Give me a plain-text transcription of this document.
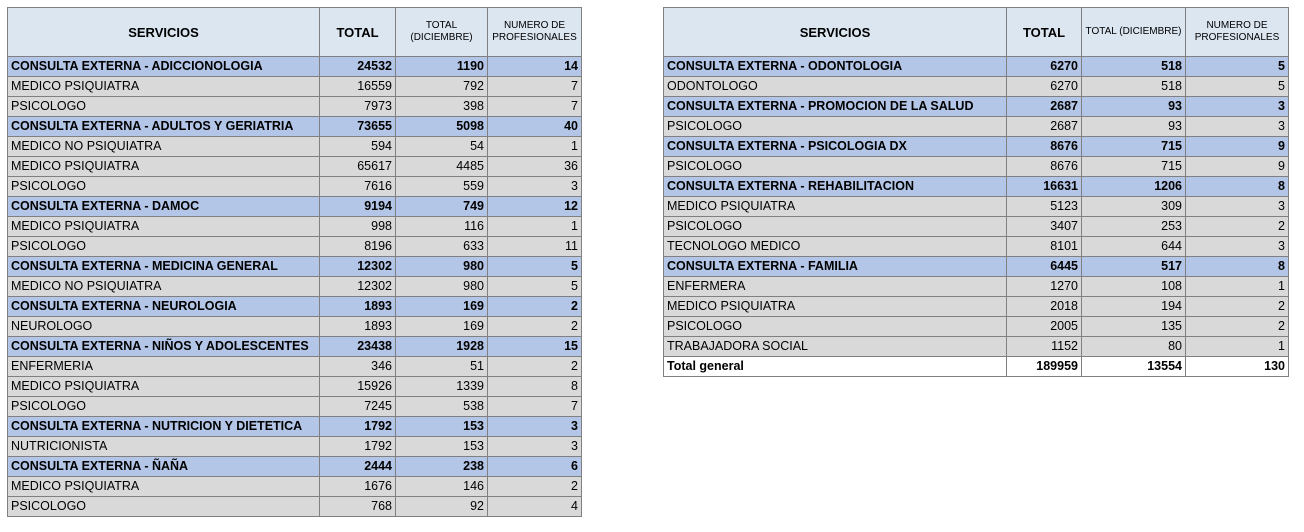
SERVICIOS	TOTAL	TOTAL (DICIEMBRE)	NUMERO DE PROFESIONALES
CONSULTA EXTERNA - ADICCIONOLOGIA	24532	1190	14
MEDICO PSIQUIATRA	16559	792	7
PSICOLOGO	7973	398	7
CONSULTA EXTERNA - ADULTOS Y GERIATRIA	73655	5098	40
MEDICO NO PSIQUIATRA	594	54	1
MEDICO PSIQUIATRA	65617	4485	36
PSICOLOGO	7616	559	3
CONSULTA EXTERNA - DAMOC	9194	749	12
MEDICO PSIQUIATRA	998	116	1
PSICOLOGO	8196	633	11
CONSULTA EXTERNA - MEDICINA GENERAL	12302	980	5
MEDICO NO PSIQUIATRA	12302	980	5
CONSULTA EXTERNA - NEUROLOGIA	1893	169	2
NEUROLOGO	1893	169	2
CONSULTA EXTERNA - NIÑOS Y ADOLESCENTES	23438	1928	15
ENFERMERIA	346	51	2
MEDICO PSIQUIATRA	15926	1339	8
PSICOLOGO	7245	538	7
CONSULTA EXTERNA - NUTRICION Y DIETETICA	1792	153	3
NUTRICIONISTA	1792	153	3
CONSULTA EXTERNA - ÑAÑA	2444	238	6
MEDICO PSIQUIATRA	1676	146	2
PSICOLOGO	768	92	4
SERVICIOS	TOTAL	TOTAL (DICIEMBRE)	NUMERO DE PROFESIONALES
CONSULTA EXTERNA - ODONTOLOGIA	6270	518	5
ODONTOLOGO	6270	518	5
CONSULTA EXTERNA - PROMOCION DE LA SALUD	2687	93	3
PSICOLOGO	2687	93	3
CONSULTA EXTERNA - PSICOLOGIA DX	8676	715	9
PSICOLOGO	8676	715	9
CONSULTA EXTERNA - REHABILITACION	16631	1206	8
MEDICO PSIQUIATRA	5123	309	3
PSICOLOGO	3407	253	2
TECNOLOGO MEDICO	8101	644	3
CONSULTA EXTERNA - FAMILIA	6445	517	8
ENFERMERA	1270	108	1
MEDICO PSIQUIATRA	2018	194	2
PSICOLOGO	2005	135	2
TRABAJADORA SOCIAL	1152	80	1
Total general	189959	13554	130
